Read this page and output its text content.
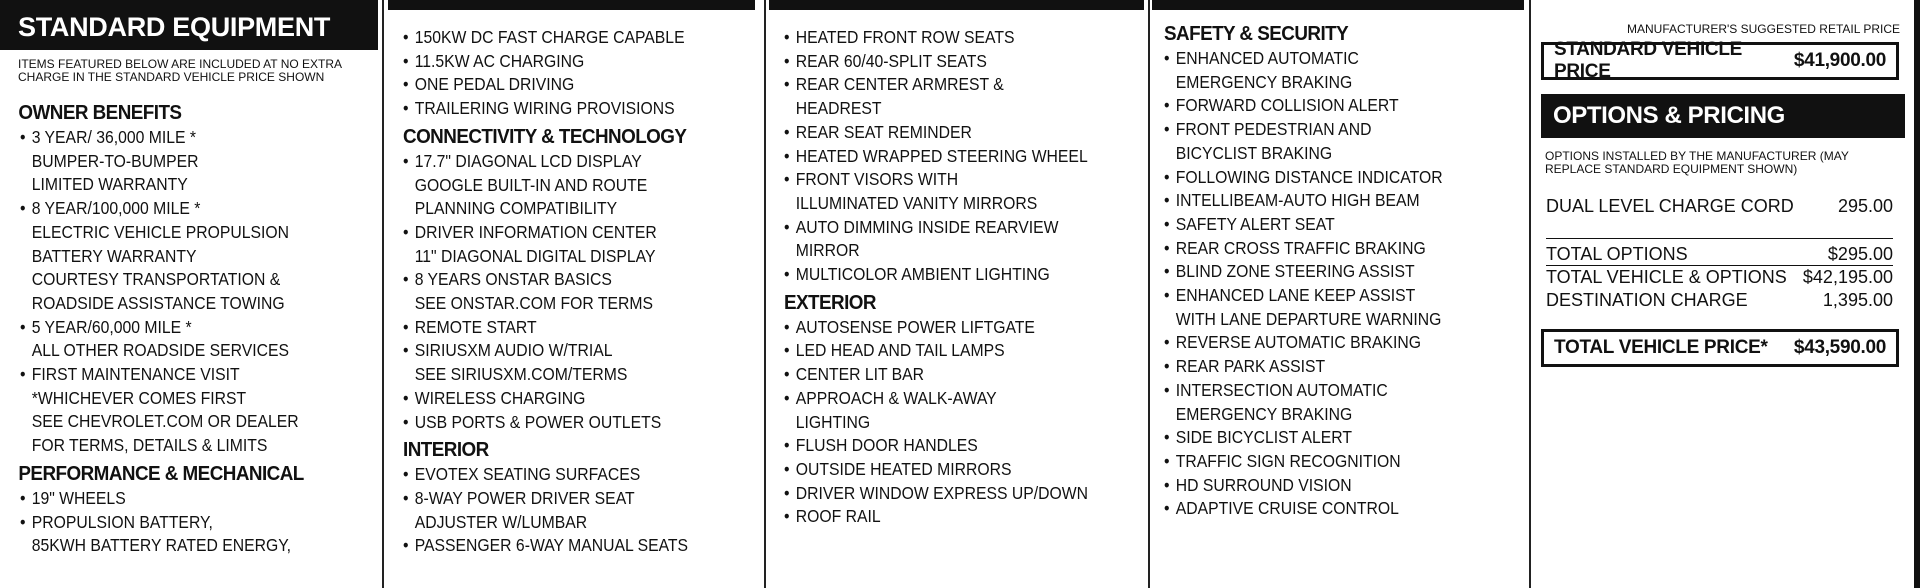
STANDARD EQUIPMENT
ITEMS FEATURED BELOW ARE INCLUDED AT NO EXTRA CHARGE IN THE STANDARD VEHICLE PRICE SHOWN
OWNER BENEFITS
• 3 YEAR/ 36,000 MILE *
BUMPER-TO-BUMPER
LIMITED WARRANTY
• 8 YEAR/100,000 MILE *
ELECTRIC VEHICLE PROPULSION
BATTERY WARRANTY
COURTESY TRANSPORTATION &
ROADSIDE ASSISTANCE TOWING
• 5 YEAR/60,000 MILE *
ALL OTHER ROADSIDE SERVICES
• FIRST MAINTENANCE VISIT
*WHICHEVER COMES FIRST
SEE CHEVROLET.COM OR DEALER
FOR TERMS, DETAILS & LIMITS
PERFORMANCE & MECHANICAL
• 19" WHEELS
• PROPULSION BATTERY,
85KWH BATTERY RATED ENERGY,
• 150KW DC FAST CHARGE CAPABLE
• 11.5KW AC CHARGING
• ONE PEDAL DRIVING
• TRAILERING WIRING PROVISIONS
CONNECTIVITY & TECHNOLOGY
• 17.7" DIAGONAL LCD DISPLAY
GOOGLE BUILT-IN AND ROUTE
PLANNING COMPATIBILITY
• DRIVER INFORMATION CENTER
11" DIAGONAL DIGITAL DISPLAY
• 8 YEARS ONSTAR BASICS
SEE ONSTAR.COM FOR TERMS
• REMOTE START
• SIRIUSXM AUDIO W/TRIAL
SEE SIRIUSXM.COM/TERMS
• WIRELESS CHARGING
• USB PORTS & POWER OUTLETS
INTERIOR
• EVOTEX SEATING SURFACES
• 8-WAY POWER DRIVER SEAT
ADJUSTER W/LUMBAR
• PASSENGER 6-WAY MANUAL SEATS
• HEATED FRONT ROW SEATS
• REAR 60/40-SPLIT SEATS
• REAR CENTER ARMREST &
HEADREST
• REAR SEAT REMINDER
• HEATED WRAPPED STEERING WHEEL
• FRONT VISORS WITH
ILLUMINATED VANITY MIRRORS
• AUTO DIMMING INSIDE REARVIEW
MIRROR
• MULTICOLOR AMBIENT LIGHTING
EXTERIOR
• AUTOSENSE POWER LIFTGATE
• LED HEAD AND TAIL LAMPS
• CENTER LIT BAR
• APPROACH & WALK-AWAY
LIGHTING
• FLUSH DOOR HANDLES
• OUTSIDE HEATED MIRRORS
• DRIVER WINDOW EXPRESS UP/DOWN
• ROOF RAIL
SAFETY & SECURITY
• ENHANCED AUTOMATIC
EMERGENCY BRAKING
• FORWARD COLLISION ALERT
• FRONT PEDESTRIAN AND
BICYCLIST BRAKING
• FOLLOWING DISTANCE INDICATOR
• INTELLIBEAM-AUTO HIGH BEAM
• SAFETY ALERT SEAT
• REAR CROSS TRAFFIC BRAKING
• BLIND ZONE STEERING ASSIST
• ENHANCED LANE KEEP ASSIST
WITH LANE DEPARTURE WARNING
• REVERSE AUTOMATIC BRAKING
• REAR PARK ASSIST
• INTERSECTION AUTOMATIC
EMERGENCY BRAKING
• SIDE BICYCLIST ALERT
• TRAFFIC SIGN RECOGNITION
• HD SURROUND VISION
• ADAPTIVE CRUISE CONTROL
MANUFACTURER'S SUGGESTED RETAIL PRICE
STANDARD VEHICLE PRICE
$41,900.00
OPTIONS & PRICING
OPTIONS INSTALLED BY THE MANUFACTURER (MAY REPLACE STANDARD EQUIPMENT SHOWN)
DUAL LEVEL CHARGE CORD 295.00
TOTAL OPTIONS	$295.00
TOTAL VEHICLE & OPTIONS $42,195.00
DESTINATION CHARGE	1,395.00
TOTAL VEHICLE PRICE* $43,590.00
